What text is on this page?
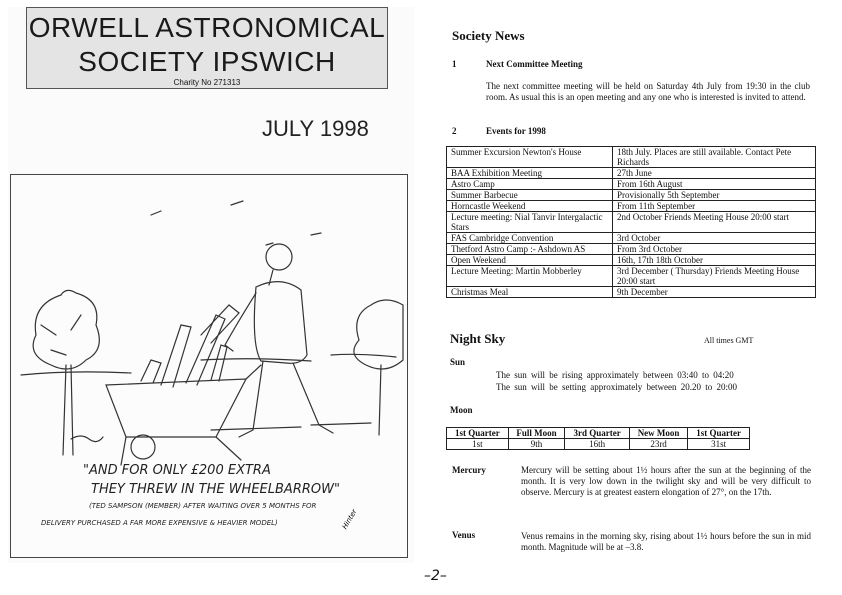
ORWELL ASTRONOMICAL
SOCIETY IPSWICH
Charity No 271313
JULY 1998
Hinter
"AND FOR ONLY £200 EXTRA
THEY THREW IN THE WHEELBARROW"
(TED SAMPSON (MEMBER) AFTER WAITING OVER 5 MONTHS FOR
DELIVERY PURCHASED A FAR MORE EXPENSIVE & HEAVIER MODEL)
Society News
1	Next Committee Meeting
The next committee meeting will be held on Saturday 4th July from 19:30 in the club room. As usual this is an open meeting and any one who is interested is invited to attend.
2	Events for 1998
Summer Excursion Newton's House	18th July. Places are still available. Contact Pete Richards
BAA Exhibition Meeting	27th June
Astro Camp	From 16th August
Summer Barbecue	Provisionally 5th September
Horncastle Weekend	From 11th September
Lecture meeting: Nial Tanvir Intergalactic Stars	2nd October Friends Meeting House 20:00 start
FAS Cambridge Convention	3rd October
Thetford Astro Camp :- Ashdown AS	From 3rd October
Open Weekend	16th, 17th 18th October
Lecture Meeting: Martin Mobberley	3rd December ( Thursday) Friends Meeting House 20:00 start
Christmas Meal	9th December
Night Sky	All times GMT
Sun
The sun will be rising approximately between 03:40 to 04:20
The sun will be setting approximately between 20.20 to 20:00
Moon
1st Quarter	Full Moon	3rd Quarter	New Moon	1st Quarter
1st	9th	16th	23rd	31st
Mercury	Mercury will be setting about 1½ hours after the sun at the beginning of the month. It is very low down in the twilight sky and will be very difficult to observe. Mercury is at greatest eastern elongation of 27°, on the 17th.
Venus	Venus remains in the morning sky, rising about 1½ hours before the sun in mid month. Magnitude will be at –3.8.
–2–
